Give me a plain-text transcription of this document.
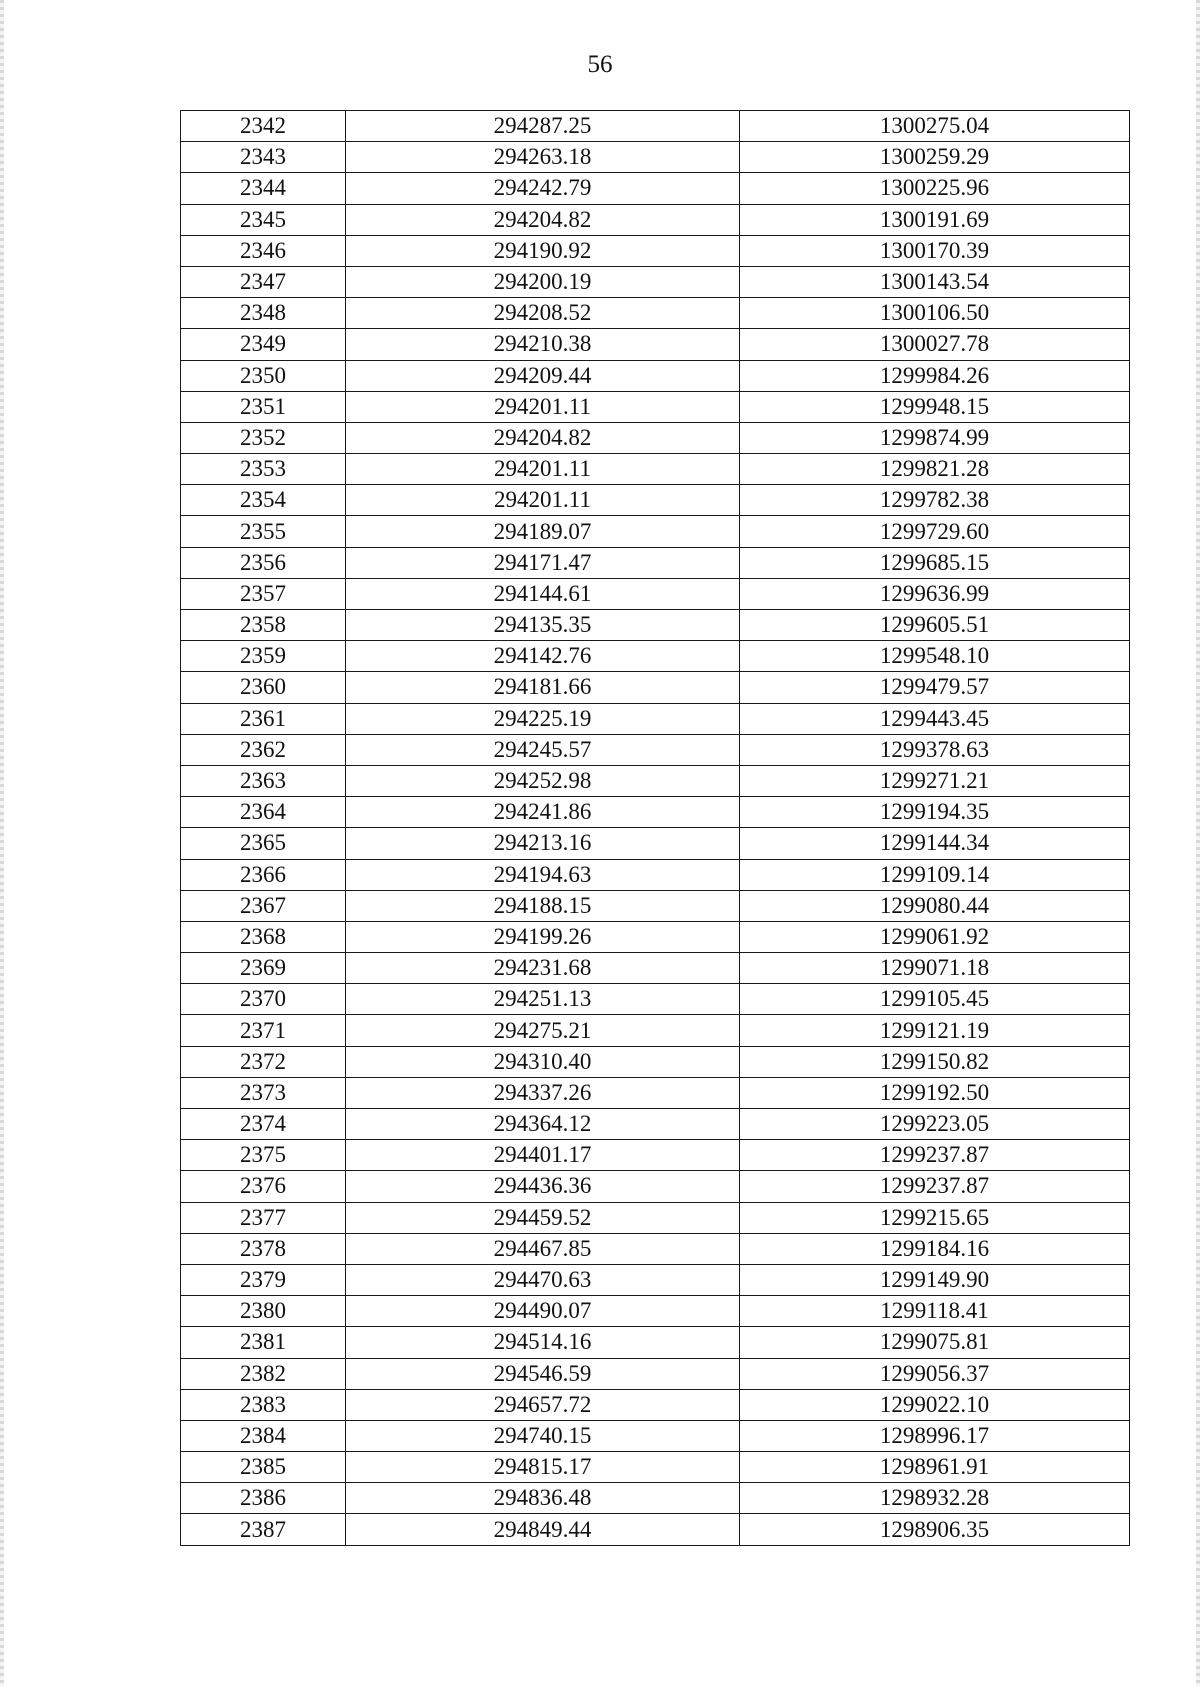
56
2342	294287.25	1300275.04
2343	294263.18	1300259.29
2344	294242.79	1300225.96
2345	294204.82	1300191.69
2346	294190.92	1300170.39
2347	294200.19	1300143.54
2348	294208.52	1300106.50
2349	294210.38	1300027.78
2350	294209.44	1299984.26
2351	294201.11	1299948.15
2352	294204.82	1299874.99
2353	294201.11	1299821.28
2354	294201.11	1299782.38
2355	294189.07	1299729.60
2356	294171.47	1299685.15
2357	294144.61	1299636.99
2358	294135.35	1299605.51
2359	294142.76	1299548.10
2360	294181.66	1299479.57
2361	294225.19	1299443.45
2362	294245.57	1299378.63
2363	294252.98	1299271.21
2364	294241.86	1299194.35
2365	294213.16	1299144.34
2366	294194.63	1299109.14
2367	294188.15	1299080.44
2368	294199.26	1299061.92
2369	294231.68	1299071.18
2370	294251.13	1299105.45
2371	294275.21	1299121.19
2372	294310.40	1299150.82
2373	294337.26	1299192.50
2374	294364.12	1299223.05
2375	294401.17	1299237.87
2376	294436.36	1299237.87
2377	294459.52	1299215.65
2378	294467.85	1299184.16
2379	294470.63	1299149.90
2380	294490.07	1299118.41
2381	294514.16	1299075.81
2382	294546.59	1299056.37
2383	294657.72	1299022.10
2384	294740.15	1298996.17
2385	294815.17	1298961.91
2386	294836.48	1298932.28
2387	294849.44	1298906.35
